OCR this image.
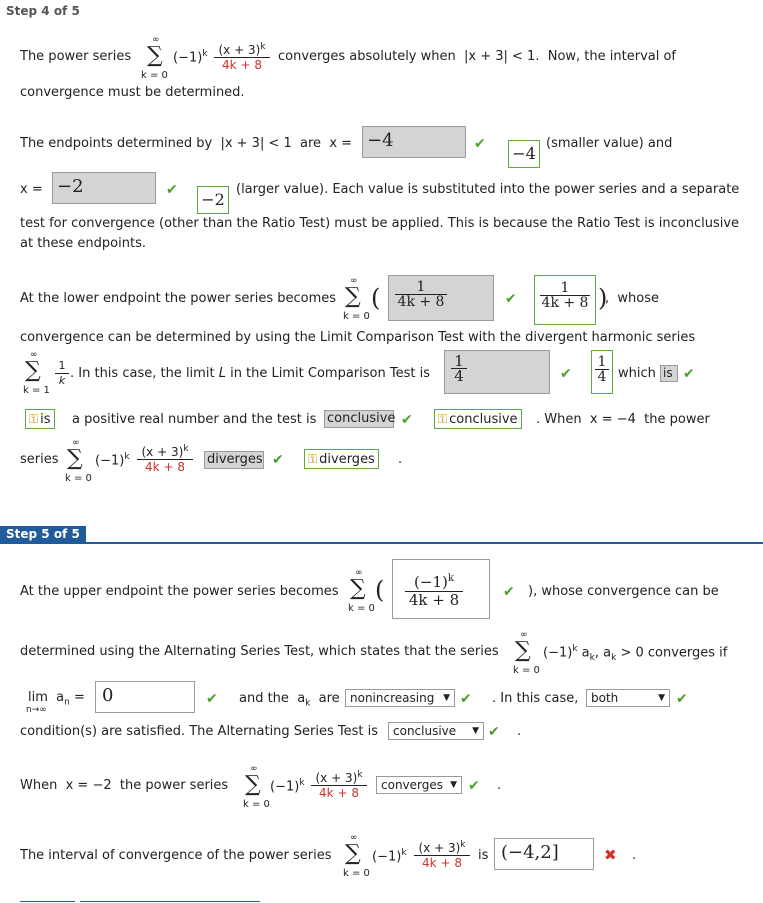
Step 4 of 5
The power series
∞
∑
k = 0
$(-1)^k \frac{(x + 3)^k}{4k + 8}$ converges absolutely when |x + 3| < 1. Now, the interval of
convergence must be determined.
The endpoints determined by |x + 3| < 1 are x = −4	✔ −4
(smaller value) and
x = −2	✔ −2
(larger value). Each value is substituted into the power series and a separate
test for convergence (other than the Ratio Test) must be applied. This is because the Ratio Test is inconclusive
at these endpoints.
At the lower endpoint the power series becomes
∞
∑
k = 0
( $\frac{1}{4k + 8}$	✔ $\frac{1}{4k + 8}$ )
,  whose
convergence can be determined by using the Limit Comparison Test with the divergent harmonic series
∞
∑
k = 1
$\frac{1}{k}$ . In this case, the limit L in the Limit Comparison Test is $\frac{1}{4}$	✔ $\frac{1}{4}$ which is ✔
⚿ is	a positive real number and the test is conclusive ✔	⚿ conclusive	. When x = −4 the power
series
∞
∑
k = 0
$(-1)^k \frac{(x + 3)^k}{4k + 8}$ diverges ✔	⚿ diverges	.
Step 5 of 5
At the upper endpoint the power series becomes
∞
∑
k = 0
( $\frac{(-1)^k}{4k + 8}$	✔ ), whose convergence can be
determined using the Alternating Series Test, which states that the series
∞
∑
k = 0
$(-1)^k$ $a_k$, $a_k > 0$ converges if
$\lim a_n$ =
n→∞
0	✔ and the $a_k$ are nonincreasing ▼ ✔ . In this case,	both	▼ ✔
condition(s) are satisfied. The Alternating Series Test is	conclusive ▼ ✔ .
When x = −2 the power series
∞
∑
k = 0
$(-1)^k \frac{(x + 3)^k}{4k + 8}$	converges ▼ ✔ .
The interval of convergence of the power series
∞
∑
k = 0
$(-1)^k \frac{(x + 3)^k}{4k + 8}$ is (−4,2]	✖ .
